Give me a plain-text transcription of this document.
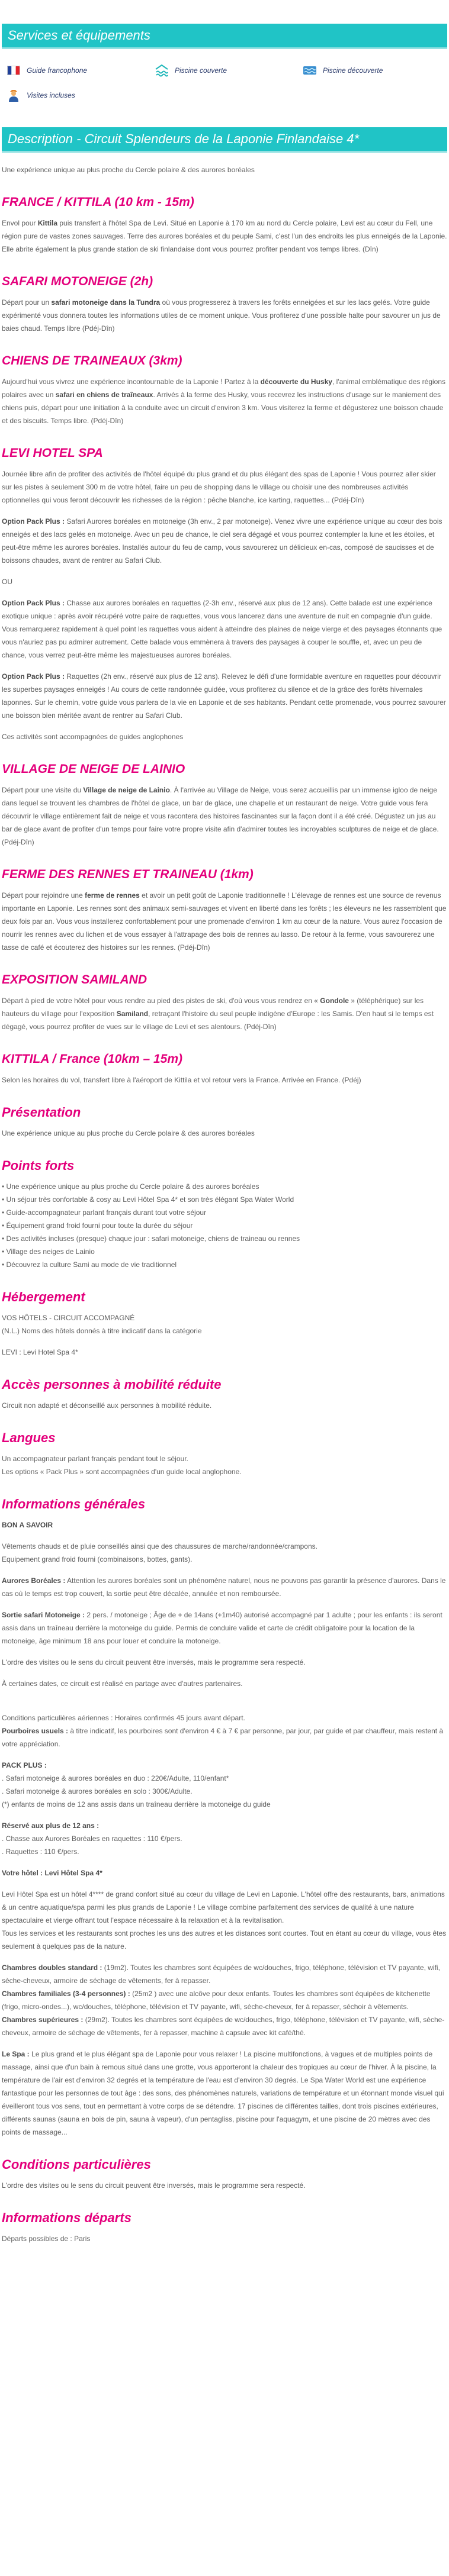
Services et équipements
Guide francophone	Piscine couverte	Piscine découverte
Visites incluses
Description - Circuit Splendeurs de la Laponie Finlandaise 4*

Une expérience unique au plus proche du Cercle polaire & des aurores boréales

FRANCE / KITTILA (10 km - 15m)

Envol pour Kittila puis transfert à l'hôtel Spa de Levi. Situé en Laponie à 170 km au nord du Cercle polaire, Levi est au cœur du Fell, une région pure de vastes zones sauvages. Terre des aurores boréales et du peuple Sami, c'est l'un des endroits les plus enneigés de la Laponie. Elle abrite également la plus grande station de ski finlandaise dont vous pourrez profiter pendant vos temps libres. (Dîn)

SAFARI MOTONEIGE (2h)

Départ pour un safari motoneige dans la Tundra où vous progresserez à travers les forêts enneigées et sur les lacs gelés. Votre guide expérimenté vous donnera toutes les informations utiles de ce moment unique. Vous profiterez d'une possible halte pour savourer un jus de baies chaud. Temps libre (Pdéj-Dîn)

CHIENS DE TRAINEAUX (3km)

Aujourd'hui vous vivrez une expérience incontournable de la Laponie ! Partez à la découverte du Husky, l'animal emblématique des régions polaires avec un safari en chiens de traîneaux. Arrivés à la ferme des Husky, vous recevrez les instructions d'usage sur le maniement des chiens puis, départ pour une initiation à la conduite avec un circuit d'environ 3 km. Vous visiterez la ferme et dégusterez une boisson chaude et des biscuits. Temps libre. (Pdéj-Dîn)

LEVI HOTEL SPA

Journée libre afin de profiter des activités de l'hôtel équipé du plus grand et du plus élégant des spas de Laponie ! Vous pourrez aller skier sur les pistes à seulement 300 m de votre hôtel, faire un peu de shopping dans le village ou choisir une des nombreuses activités optionnelles qui vous feront découvrir les richesses de la région : pêche blanche, ice karting, raquettes... (Pdéj-Dîn)

Option Pack Plus : Safari Aurores boréales en motoneige (3h env., 2 par motoneige). Venez vivre une expérience unique au cœur des bois enneigés et des lacs gelés en motoneige. Avec un peu de chance, le ciel sera dégagé et vous pourrez contempler la lune et les étoiles, et peut-être même les aurores boréales. Installés autour du feu de camp, vous savourerez un délicieux en-cas, composé de saucisses et de boissons chaudes, avant de rentrer au Safari Club.

OU

Option Pack Plus : Chasse aux aurores boréales en raquettes (2-3h env., réservé aux plus de 12 ans). Cette balade est une expérience exotique unique : après avoir récupéré votre paire de raquettes, vous vous lancerez dans une aventure de nuit en compagnie d'un guide. Vous remarquerez rapidement à quel point les raquettes vous aident à atteindre des plaines de neige vierge et des paysages étonnants que vous n'auriez pas pu admirer autrement. Cette balade vous emmènera à travers des paysages à couper le souffle, et, avec un peu de chance, vous verrez peut-être même les majestueuses aurores boréales.

Option Pack Plus : Raquettes (2h env., réservé aux plus de 12 ans). Relevez le défi d'une formidable aventure en raquettes pour découvrir les superbes paysages enneigés ! Au cours de cette randonnée guidée, vous profiterez du silence et de la grâce des forêts hivernales laponnes. Sur le chemin, votre guide vous parlera de la vie en Laponie et de ses habitants. Pendant cette promenade, vous pourrez savourer une boisson bien méritée avant de rentrer au Safari Club.

Ces activités sont accompagnées de guides anglophones

VILLAGE DE NEIGE DE LAINIO

Départ pour une visite du Village de neige de Lainio. À l'arrivée au Village de Neige, vous serez accueillis par un immense igloo de neige dans lequel se trouvent les chambres de l'hôtel de glace, un bar de glace, une chapelle et un restaurant de neige. Votre guide vous fera découvrir le village entièrement fait de neige et vous racontera des histoires fascinantes sur la façon dont il a été créé. Dégustez un jus au bar de glace avant de profiter d'un temps pour faire votre propre visite afin d'admirer toutes les incroyables sculptures de neige et de glace. (Pdéj-Dîn)

FERME DES RENNES ET TRAINEAU (1km)

Départ pour rejoindre une ferme de rennes et avoir un petit goût de Laponie traditionnelle ! L'élevage de rennes est une source de revenus importante en Laponie. Les rennes sont des animaux semi-sauvages et vivent en liberté dans les forêts ; les éleveurs ne les rassemblent que deux fois par an. Vous vous installerez confortablement pour une promenade d'environ 1 km au cœur de la nature. Vous aurez l'occasion de nourrir les rennes avec du lichen et de vous essayer à l'attrapage des bois de rennes au lasso. De retour à la ferme, vous savourerez une tasse de café et écouterez des histoires sur les rennes. (Pdéj-Dîn)

EXPOSITION SAMILAND

Départ à pied de votre hôtel pour vous rendre au pied des pistes de ski, d'où vous vous rendrez en « Gondole » (téléphérique) sur les hauteurs du village pour l'exposition Samiland, retraçant l'histoire du seul peuple indigène d'Europe : les Samis. D'en haut si le temps est dégagé, vous pourrez profiter de vues sur le village de Levi et ses alentours. (Pdéj-Dîn)

KITTILA / France (10km – 15m)

Selon les horaires du vol, transfert libre à l'aéroport de Kittila et vol retour vers la France. Arrivée en France. (Pdéj)

Présentation

Une expérience unique au plus proche du Cercle polaire & des aurores boréales

Points forts
• Une expérience unique au plus proche du Cercle polaire & des aurores boréales
• Un séjour très confortable & cosy au Levi Hôtel Spa 4* et son très élégant Spa Water World
• Guide-accompagnateur parlant français durant tout votre séjour
• Équipement grand froid fourni pour toute la durée du séjour
• Des activités incluses (presque) chaque jour : safari motoneige, chiens de traineau ou rennes
• Village des neiges de Lainio
• Découvrez la culture Sami au mode de vie traditionnel
Hébergement

VOS HÔTELS - CIRCUIT ACCOMPAGNÉ
(N.L.) Noms des hôtels donnés à titre indicatif dans la catégorie

LEVI : Levi Hotel Spa 4*

Accès personnes à mobilité réduite

Circuit non adapté et déconseillé aux personnes à mobilité réduite.

Langues

Un accompagnateur parlant français pendant tout le séjour.
Les options « Pack Plus » sont accompagnées d'un guide local anglophone.

Informations générales

BON A SAVOIR

Vêtements chauds et de pluie conseillés ainsi que des chaussures de marche/randonnée/crampons.
Equipement grand froid fourni (combinaisons, bottes, gants).

Aurores Boréales : Attention les aurores boréales sont un phénomène naturel, nous ne pouvons pas garantir la présence d'aurores. Dans le cas où le temps est trop couvert, la sortie peut être décalée, annulée et non remboursée.

Sortie safari Motoneige : 2 pers. / motoneige ; Âge de + de 14ans (+1m40) autorisé accompagné par 1 adulte ; pour les enfants : ils seront assis dans un traîneau derrière la motoneige du guide. Permis de conduire valide et carte de crédit obligatoire pour la location de la motoneige, âge minimum 18 ans pour louer et conduire la motoneige.

L'ordre des visites ou le sens du circuit peuvent être inversés, mais le programme sera respecté.

À certaines dates, ce circuit est réalisé en partage avec d'autres partenaires.

Conditions particulières aériennes : Horaires confirmés 45 jours avant départ.
Pourboires usuels : à titre indicatif, les pourboires sont d'environ 4 € à 7 € par personne, par jour, par guide et par chauffeur, mais restent à votre appréciation.

PACK PLUS :
. Safari motoneige & aurores boréales en duo : 220€/Adulte, 110/enfant*
. Safari motoneige & aurores boréales en solo : 300€/Adulte.
(*) enfants de moins de 12 ans assis dans un traîneau derrière la motoneige du guide

Réservé aux plus de 12 ans :
. Chasse aux Aurores Boréales en raquettes : 110 €/pers.
. Raquettes : 110 €/pers.

Votre hôtel : Levi Hôtel Spa 4*

Levi Hôtel Spa est un hôtel 4**** de grand confort situé au cœur du village de Levi en Laponie. L'hôtel offre des restaurants, bars, animations & un centre aquatique/spa parmi les plus grands de Laponie ! Le village combine parfaitement des services de qualité à une nature spectaculaire et vierge offrant tout l'espace nécessaire à la relaxation et à la revitalisation.
Tous les services et les restaurants sont proches les uns des autres et les distances sont courtes. Tout en étant au cœur du village, vous êtes seulement à quelques pas de la nature.

Chambres doubles standard : (19m2). Toutes les chambres sont équipées de wc/douches, frigo, téléphone, télévision et TV payante, wifi, sèche-cheveux, armoire de séchage de vêtements, fer à repasser.
Chambres familiales (3-4 personnes) : (25m2 ) avec une alcôve pour deux enfants. Toutes les chambres sont équipées de kitchenette (frigo, micro-ondes...), wc/douches, téléphone, télévision et TV payante, wifi, sèche-cheveux, fer à repasser, séchoir à vêtements.
Chambres supérieures : (29m2). Toutes les chambres sont équipées de wc/douches, frigo, téléphone, télévision et TV payante, wifi, sèche-cheveux, armoire de séchage de vêtements, fer à repasser, machine à capsule avec kit café/thé.

Le Spa : Le plus grand et le plus élégant spa de Laponie pour vous relaxer ! La piscine multifonctions, à vagues et de multiples points de massage, ainsi que d'un bain à remous situé dans une grotte, vous apporteront la chaleur des tropiques au cœur de l'hiver. À la piscine, la température de l'air est d'environ 32 degrés et la température de l'eau est d'environ 30 degrés. Le Spa Water World est une expérience fantastique pour les personnes de tout âge : des sons, des phénomènes naturels, variations de température et un étonnant monde visuel qui éveilleront tous vos sens, tout en permettant à votre corps de se détendre. 17 piscines de différentes tailles, dont trois piscines extérieures, différents saunas (sauna en bois de pin, sauna à vapeur), d'un pentagliss, piscine pour l'aquagym, et une piscine de 20 mètres avec des points de massage...

Conditions particulières

L'ordre des visites ou le sens du circuit peuvent être inversés, mais le programme sera respecté.

Informations départs

Départs possibles de : Paris
